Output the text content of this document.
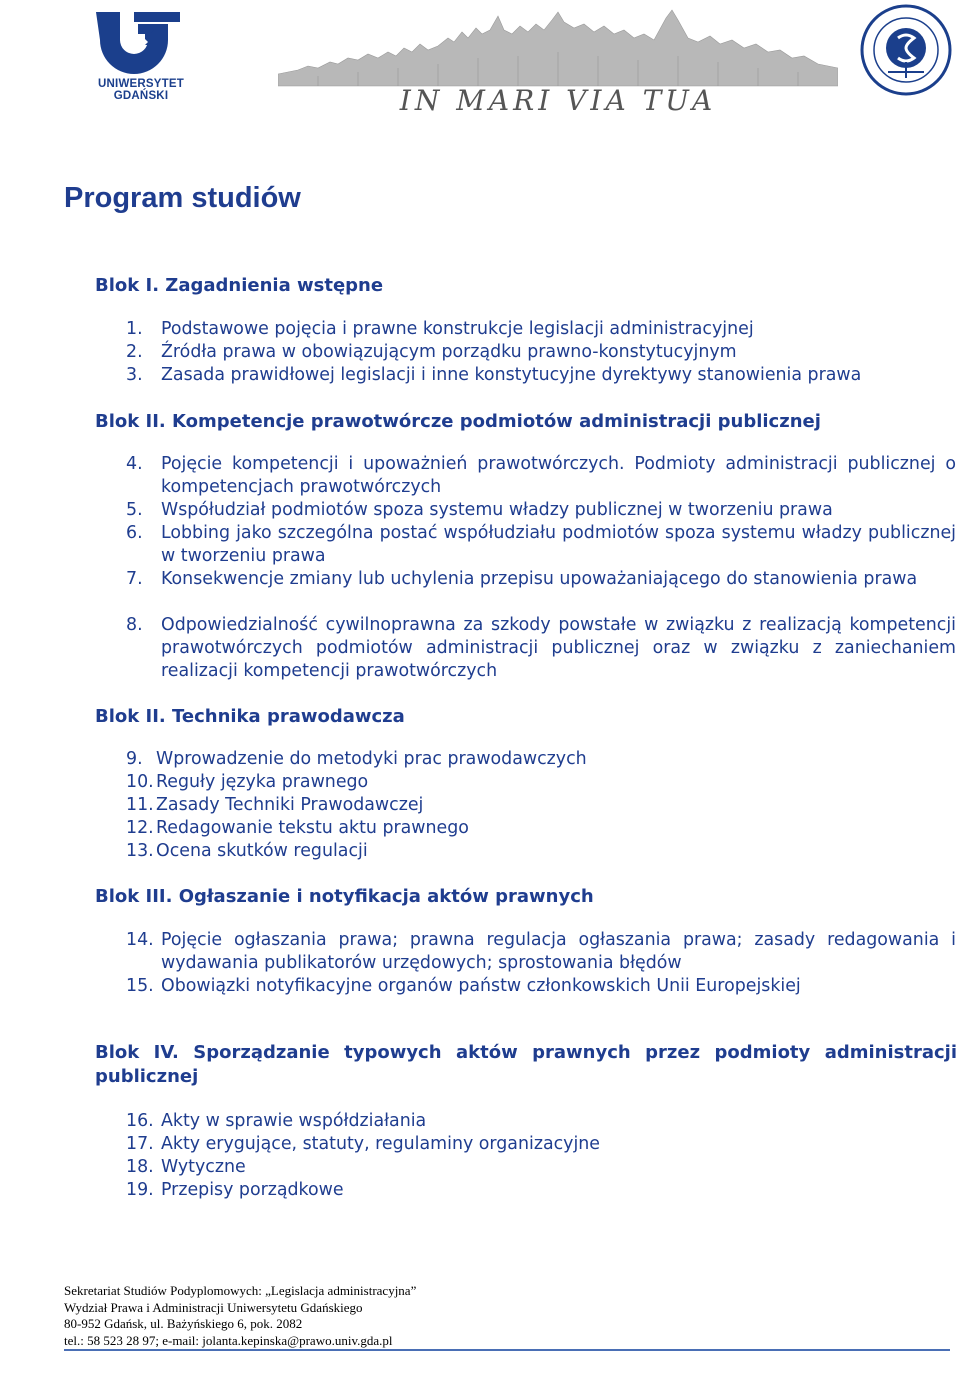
UNIWERSYTET GDAŃSKI	IN MARI VIA TUA
Program studiów
Blok I. Zagadnienia wstępne
1. Podstawowe pojęcia i prawne konstrukcje legislacji administracyjnej
2. Źródła prawa w obowiązującym porządku prawno-konstytucyjnym
3. Zasada prawidłowej legislacji i inne konstytucyjne dyrektywy stanowienia prawa
Blok II. Kompetencje prawotwórcze podmiotów administracji publicznej
4. Pojęcie kompetencji i upoważnień prawotwórczych. Podmioty administracji publicznej o kompetencjach prawotwórczych
5. Współudział podmiotów spoza systemu władzy publicznej w tworzeniu prawa
6. Lobbing jako szczególna postać współudziału podmiotów spoza systemu władzy publicznej w tworzeniu prawa
7. Konsekwencje zmiany lub uchylenia przepisu upoważaniającego do stanowienia prawa
8. Odpowiedzialność cywilnoprawna za szkody powstałe w związku z realizacją kompetencji prawotwórczych podmiotów administracji publicznej oraz w związku z zaniechaniem realizacji kompetencji prawotwórczych
Blok II. Technika prawodawcza
9. Wprowadzenie do metodyki prac prawodawczych
10. Reguły języka prawnego
11. Zasady Techniki Prawodawczej
12. Redagowanie tekstu aktu prawnego
13. Ocena skutków regulacji
Blok III. Ogłaszanie i notyfikacja aktów prawnych
14. Pojęcie ogłaszania prawa; prawna regulacja ogłaszania prawa; zasady redagowania i wydawania publikatorów urzędowych; sprostowania błędów
15. Obowiązki notyfikacyjne organów państw członkowskich Unii Europejskiej
Blok IV. Sporządzanie typowych aktów prawnych przez podmioty administracji publicznej
16. Akty w sprawie współdziałania
17. Akty erygujące, statuty, regulaminy organizacyjne
18. Wytyczne
19. Przepisy porządkowe
Sekretariat Studiów Podyplomowych: „Legislacja administracyjna”
Wydział Prawa i Administracji Uniwersytetu Gdańskiego
80-952 Gdańsk, ul. Bażyńskiego 6, pok. 2082
tel.: 58 523 28 97; e-mail: jolanta.kepinska@prawo.univ.gda.pl
